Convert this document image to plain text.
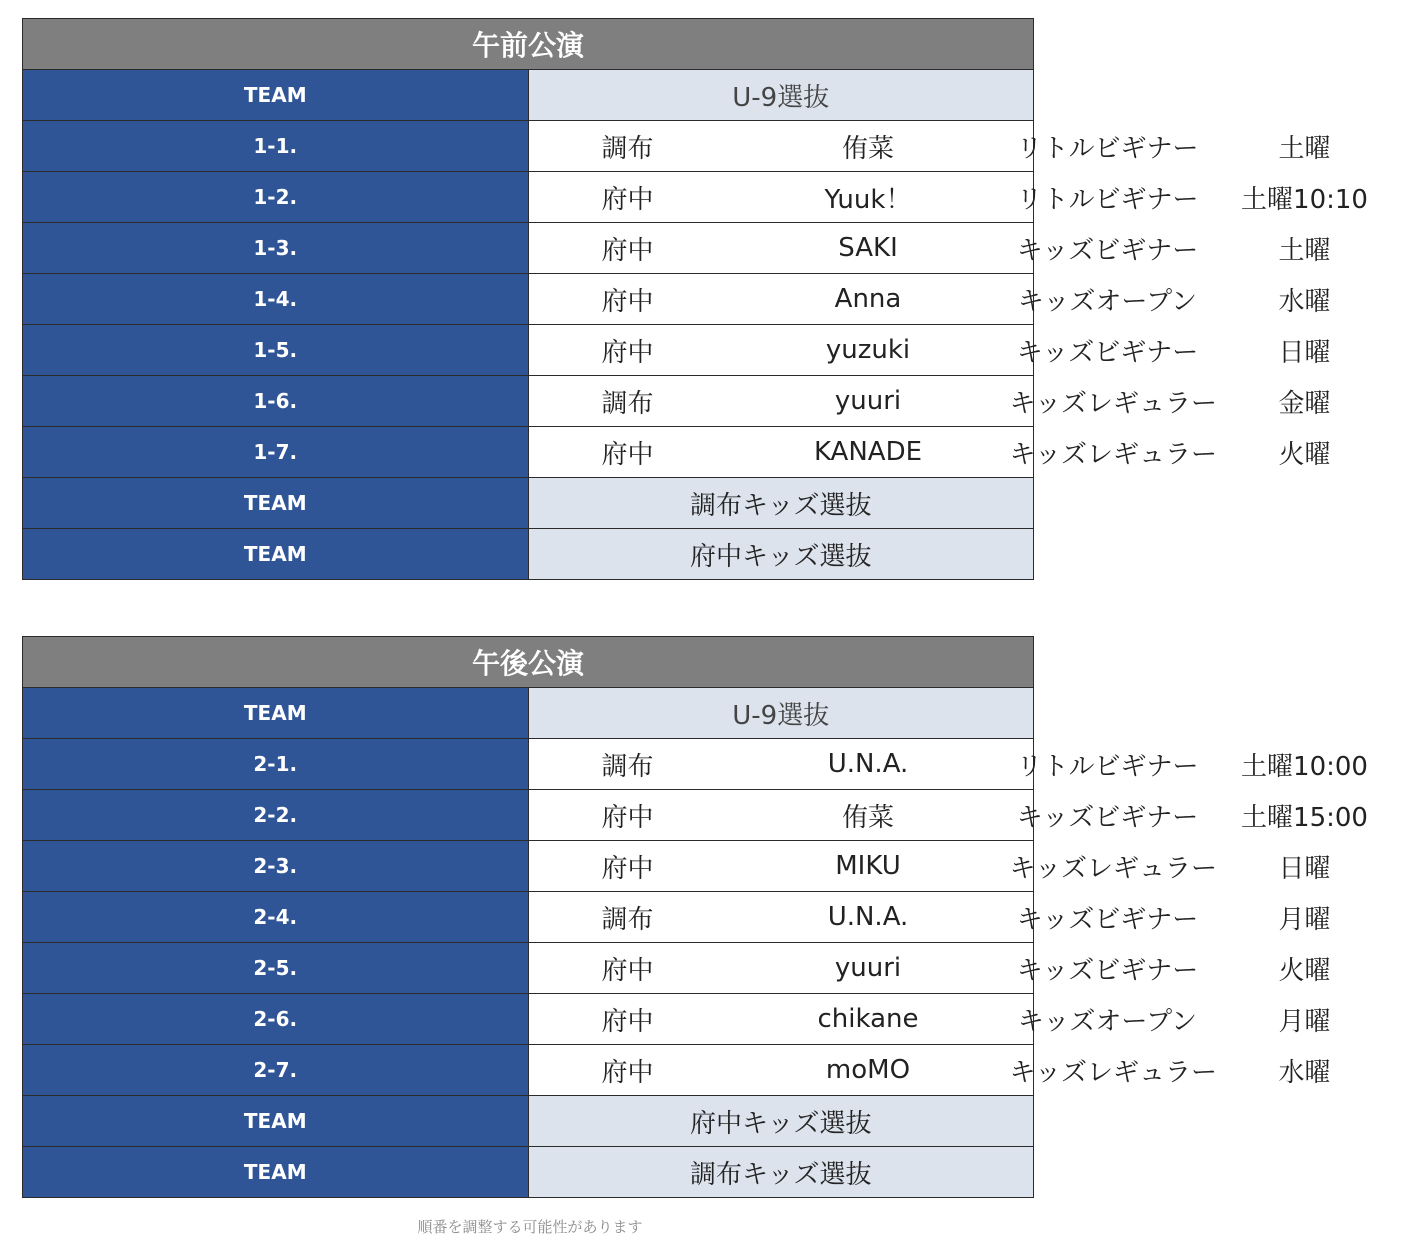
午前公演	
TEAM	U-9選抜
1-1.	調布 侑菜 リトルビギナー 土曜

1-2.	府中 Yuuk！ リトルビギナー 土曜10:10

1-3.	府中 SAKI キッズビギナー 土曜

1-4.	府中 Anna キッズオープン 水曜

1-5.	府中 yuzuki キッズビギナー 日曜

1-6.	調布 yuuri キッズレギュラー 金曜

1-7.	府中 KANADE キッズレギュラー 火曜

TEAM	調布キッズ選抜
TEAM	府中キッズ選抜
午後公演	
TEAM	U-9選抜
2-1.	調布 U.N.A. リトルビギナー 土曜10:00

2-2.	府中 侑菜 キッズビギナー 土曜15:00

2-3.	府中 MIKU キッズレギュラー 日曜

2-4.	調布 U.N.A. キッズビギナー 月曜

2-5.	府中 yuuri キッズビギナー 火曜

2-6.	府中 chikane キッズオープン 月曜

2-7.	府中 moMO キッズレギュラー 水曜

TEAM	府中キッズ選抜
TEAM	調布キッズ選抜
順番を調整する可能性があります
